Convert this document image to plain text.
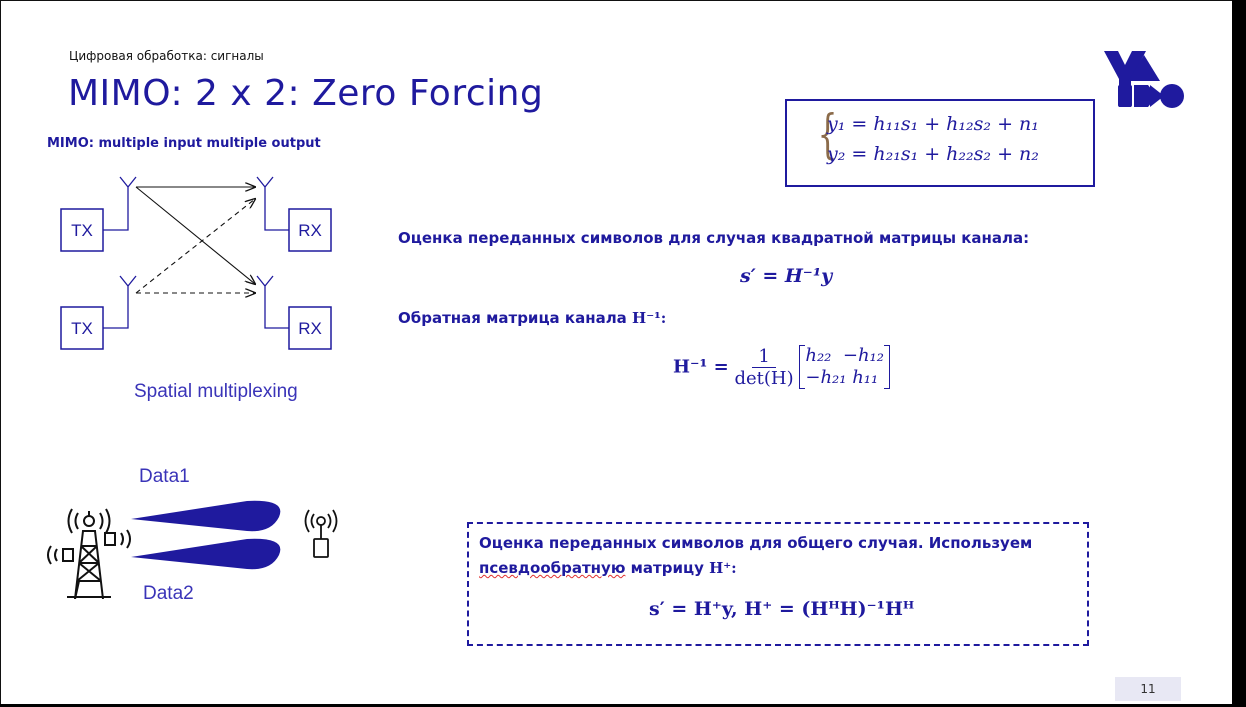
Цифровая обработка: сигналы
MIMO: 2 x 2: Zero Forcing
MIMO: multiple input multiple output
TX
TX
RX
RX
Spatial multiplexing
Data1
Data2
{
y₁ = h₁₁s₁ + h₁₂s₂ + n₁
y₂ = h₂₁s₁ + h₂₂s₂ + n₂
Оценка переданных символов для случая квадратной матрицы канала:
s′ = H⁻¹y
Обратная матрица канала H⁻¹:
$H^{-1} = \frac{1}{\det(H)}$
h₂₂ −h₁₂
−h₂₁ h₁₁
Оценка переданных символов для общего случая. Используем
псевдообратную матрицу H⁺:
s′ = H⁺y, H⁺ = (HᴴH)⁻¹Hᴴ
11
